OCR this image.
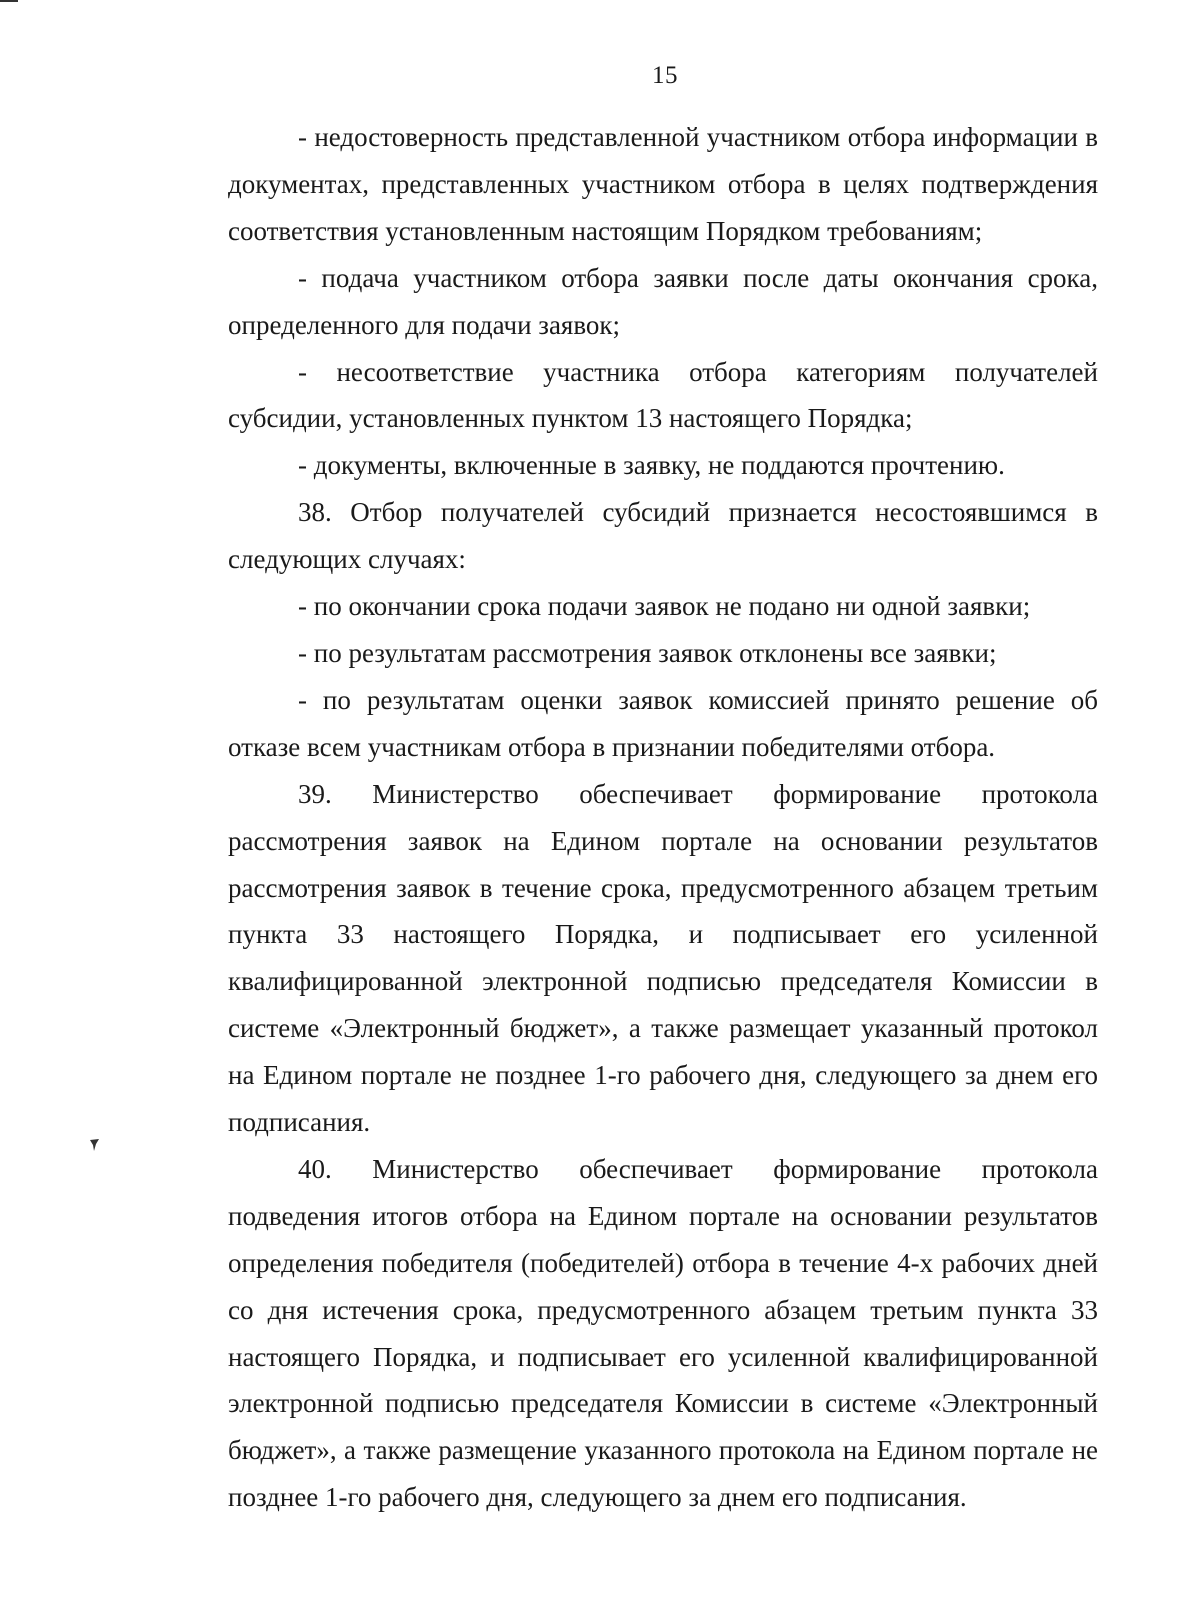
15

- недостоверность представленной участником отбора информации в документах, представленных участником отбора в целях подтверждения соответствия установленным настоящим Порядком требованиям;

- подача участником отбора заявки после даты окончания срока, определенного для подачи заявок;

- несоответствие участника отбора категориям получателей субсидии, установленных пунктом 13 настоящего Порядка;

- документы, включенные в заявку, не поддаются прочтению.

38. Отбор получателей субсидий признается несостоявшимся в следующих случаях:

- по окончании срока подачи заявок не подано ни одной заявки;

- по результатам рассмотрения заявок отклонены все заявки;

- по результатам оценки заявок комиссией принято решение об отказе всем участникам отбора в признании победителями отбора.

39. Министерство обеспечивает формирование протокола рассмотрения заявок на Едином портале на основании результатов рассмотрения заявок в течение срока, предусмотренного абзацем третьим пункта 33 настоящего Порядка, и подписывает его усиленной квалифицированной электронной подписью председателя Комиссии в системе «Электронный бюджет», а также размещает указанный протокол на Едином портале не позднее 1-го рабочего дня, следующего за днем его подписания.

40. Министерство обеспечивает формирование протокола подведения итогов отбора на Едином портале на основании результатов определения победителя (победителей) отбора в течение 4-х рабочих дней со дня истечения срока, предусмотренного абзацем третьим пункта 33 настоящего Порядка, и подписывает его усиленной квалифицированной электронной подписью председателя Комиссии в системе «Электронный бюджет», а также размещение указанного протокола на Едином портале не позднее 1-го рабочего дня, следующего за днем его подписания.
